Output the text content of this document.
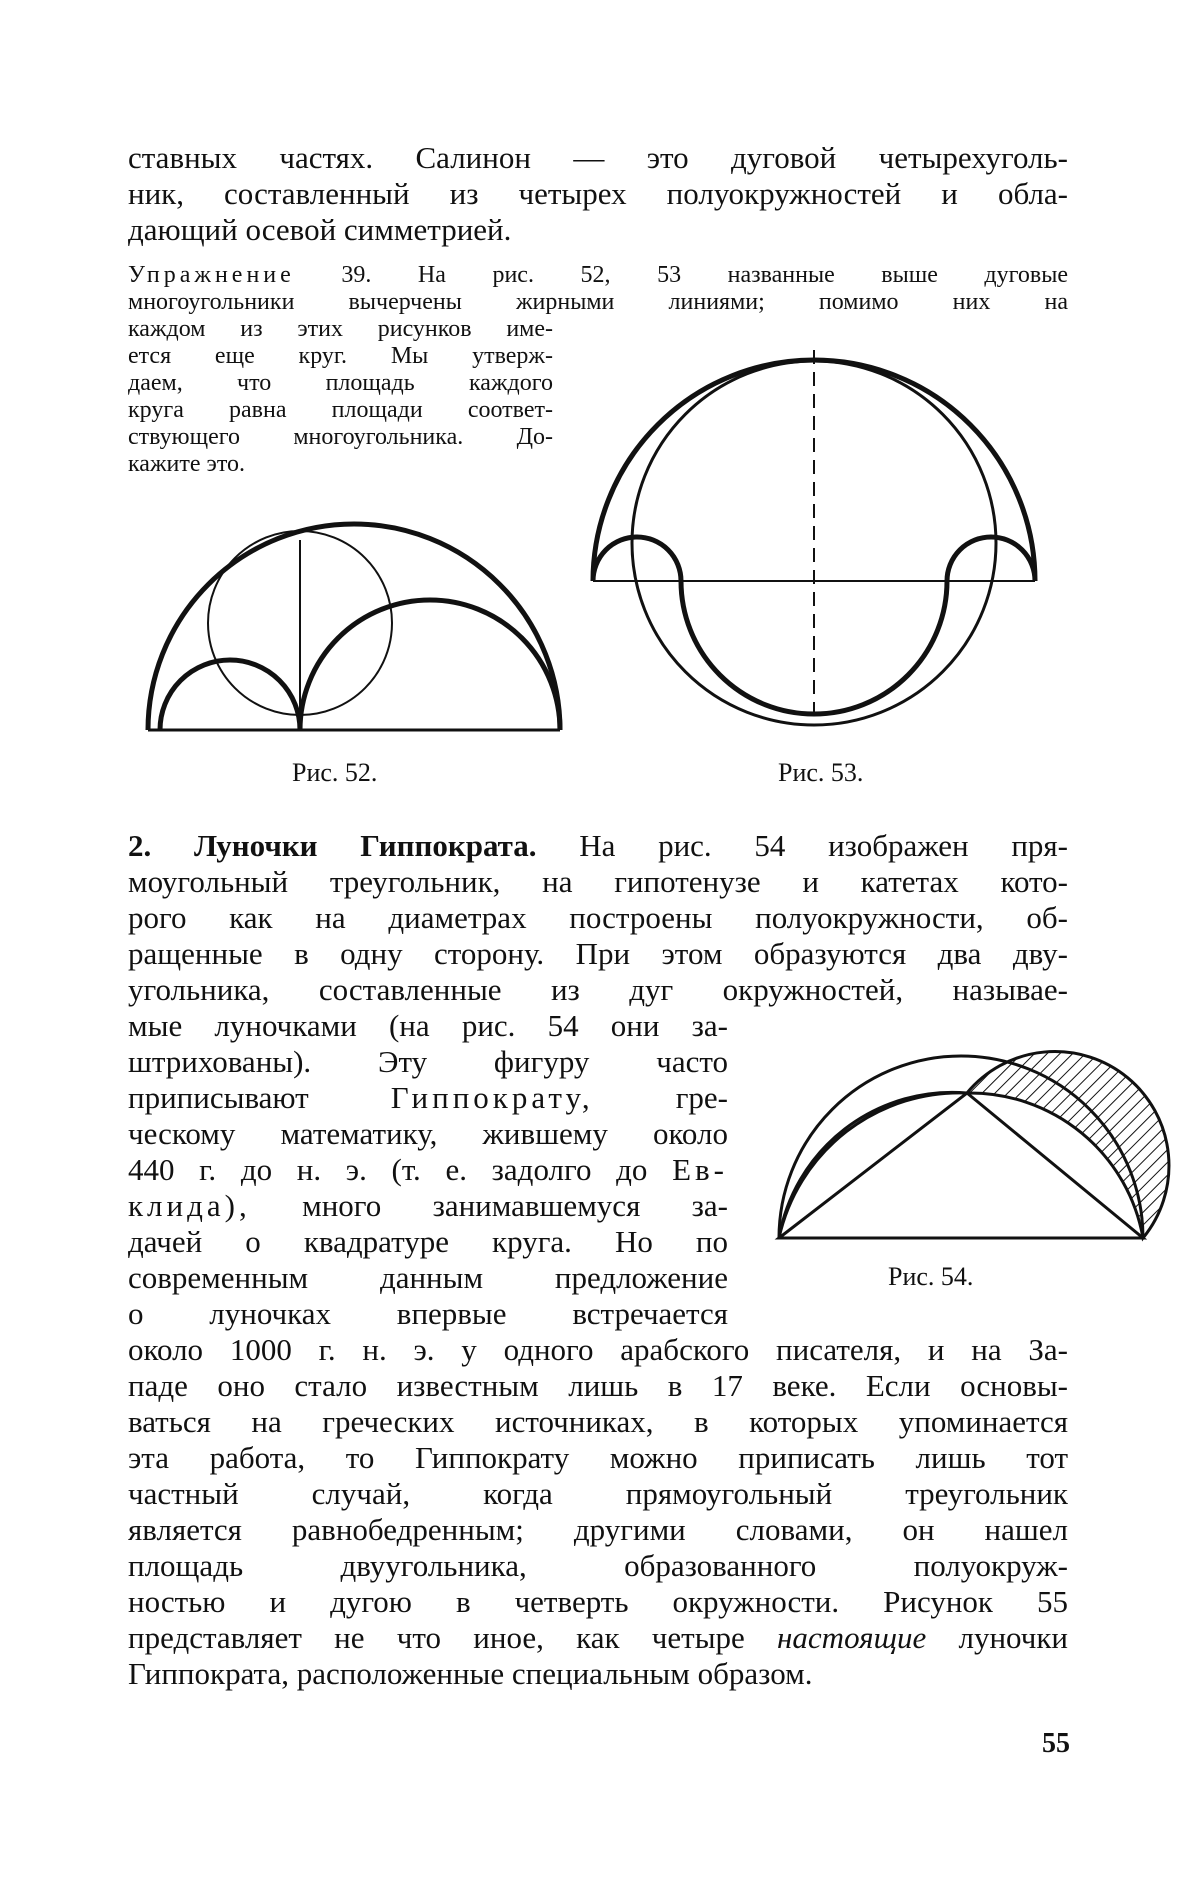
ставных частях. Салинон — это дуговой четырехуголь-
ник, составленный из четырех полуокружностей и обла-
дающий осевой симметрией.
Упражнение 39. На рис. 52, 53 названные выше дуговые
многоугольники вычерчены жирными линиями; помимо них на
каждом из этих рисунков име-
ется еще круг. Мы утверж-
даем, что площадь каждого
круга равна площади соответ-
ствующего многоугольника. До-
кажите это.
Рис. 52.	Рис. 53.
2. Луночки Гиппократа. На рис. 54 изображен пря-
моугольный треугольник, на гипотенузе и катетах кото-
рого как на диаметрах построены полуокружности, об-
ращенные в одну сторону. При этом образуются два дву-
угольника, составленные из дуг окружностей, называе-
мые луночками (на рис. 54 они за-
штрихованы). Эту фигуру часто
приписывают	Гиппократу,	гре-
ческому математику, жившему около
440 г. до н. э. (т. е. задолго до Ев-
клида), много занимавшемуся за-
дачей о квадратуре круга. Но по
современным данным предложение
о луночках впервые встречается
Рис. 54.
около 1000 г. н. э. у одного арабского писателя, и на За-
паде оно стало известным лишь в 17 веке. Если основы-
ваться на греческих источниках, в которых упоминается
эта работа, то Гиппократу можно приписать лишь тот
частный случай, когда прямоугольный треугольник
является равнобедренным; другими словами, он нашел
площадь двуугольника, образованного полуокруж-
ностью и дугою в четверть окружности. Рисунок 55
представляет не что иное, как четыре настоящие луночки
Гиппократа, расположенные специальным образом.
55
